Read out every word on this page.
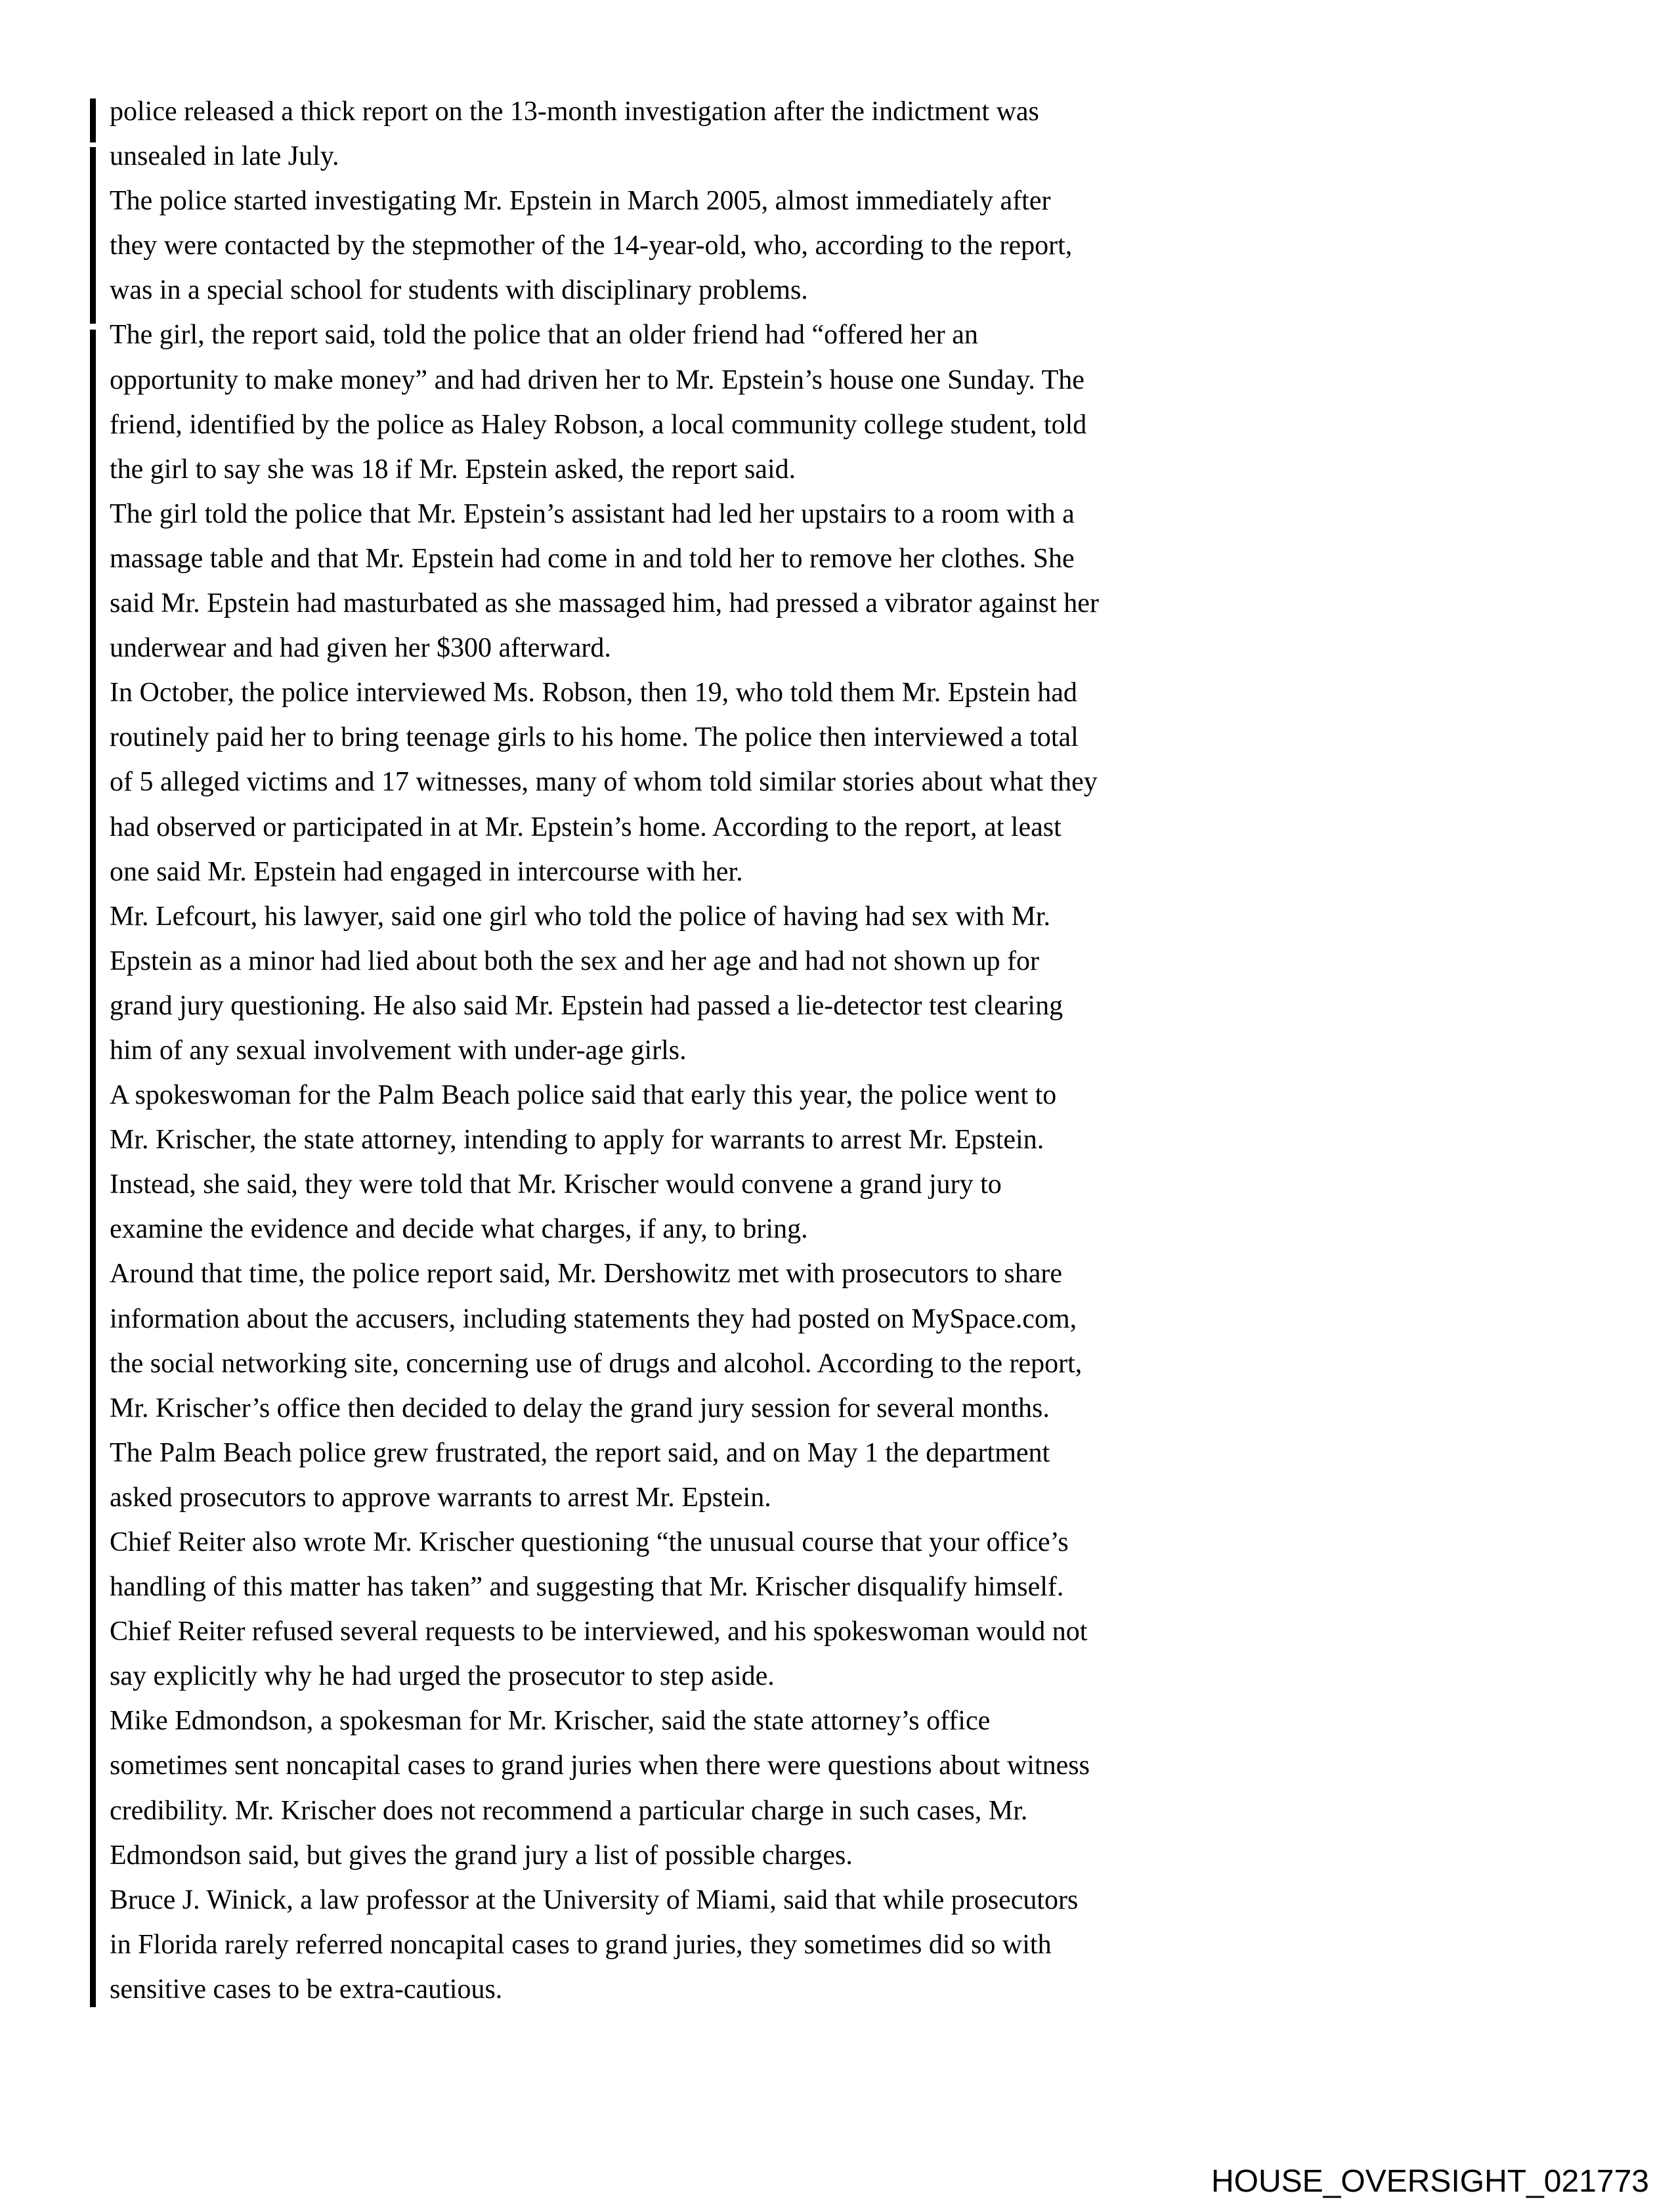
police released a thick report on the 13-month investigation after the indictment was
unsealed in late July.
The police started investigating Mr. Epstein in March 2005, almost immediately after
they were contacted by the stepmother of the 14-year-old, who, according to the report,
was in a special school for students with disciplinary problems.
The girl, the report said, told the police that an older friend had “offered her an
opportunity to make money” and had driven her to Mr. Epstein’s house one Sunday. The
friend, identified by the police as Haley Robson, a local community college student, told
the girl to say she was 18 if Mr. Epstein asked, the report said.
The girl told the police that Mr. Epstein’s assistant had led her upstairs to a room with a
massage table and that Mr. Epstein had come in and told her to remove her clothes. She
said Mr. Epstein had masturbated as she massaged him, had pressed a vibrator against her
underwear and had given her $300 afterward.
In October, the police interviewed Ms. Robson, then 19, who told them Mr. Epstein had
routinely paid her to bring teenage girls to his home. The police then interviewed a total
of 5 alleged victims and 17 witnesses, many of whom told similar stories about what they
had observed or participated in at Mr. Epstein’s home. According to the report, at least
one said Mr. Epstein had engaged in intercourse with her.
Mr. Lefcourt, his lawyer, said one girl who told the police of having had sex with Mr.
Epstein as a minor had lied about both the sex and her age and had not shown up for
grand jury questioning. He also said Mr. Epstein had passed a lie-detector test clearing
him of any sexual involvement with under-age girls.
A spokeswoman for the Palm Beach police said that early this year, the police went to
Mr. Krischer, the state attorney, intending to apply for warrants to arrest Mr. Epstein.
Instead, she said, they were told that Mr. Krischer would convene a grand jury to
examine the evidence and decide what charges, if any, to bring.
Around that time, the police report said, Mr. Dershowitz met with prosecutors to share
information about the accusers, including statements they had posted on MySpace.com,
the social networking site, concerning use of drugs and alcohol. According to the report,
Mr. Krischer’s office then decided to delay the grand jury session for several months.
The Palm Beach police grew frustrated, the report said, and on May 1 the department
asked prosecutors to approve warrants to arrest Mr. Epstein.
Chief Reiter also wrote Mr. Krischer questioning “the unusual course that your office’s
handling of this matter has taken” and suggesting that Mr. Krischer disqualify himself.
Chief Reiter refused several requests to be interviewed, and his spokeswoman would not
say explicitly why he had urged the prosecutor to step aside.
Mike Edmondson, a spokesman for Mr. Krischer, said the state attorney’s office
sometimes sent noncapital cases to grand juries when there were questions about witness
credibility. Mr. Krischer does not recommend a particular charge in such cases, Mr.
Edmondson said, but gives the grand jury a list of possible charges.
Bruce J. Winick, a law professor at the University of Miami, said that while prosecutors
in Florida rarely referred noncapital cases to grand juries, they sometimes did so with
sensitive cases to be extra-cautious.
HOUSE_OVERSIGHT_021773
